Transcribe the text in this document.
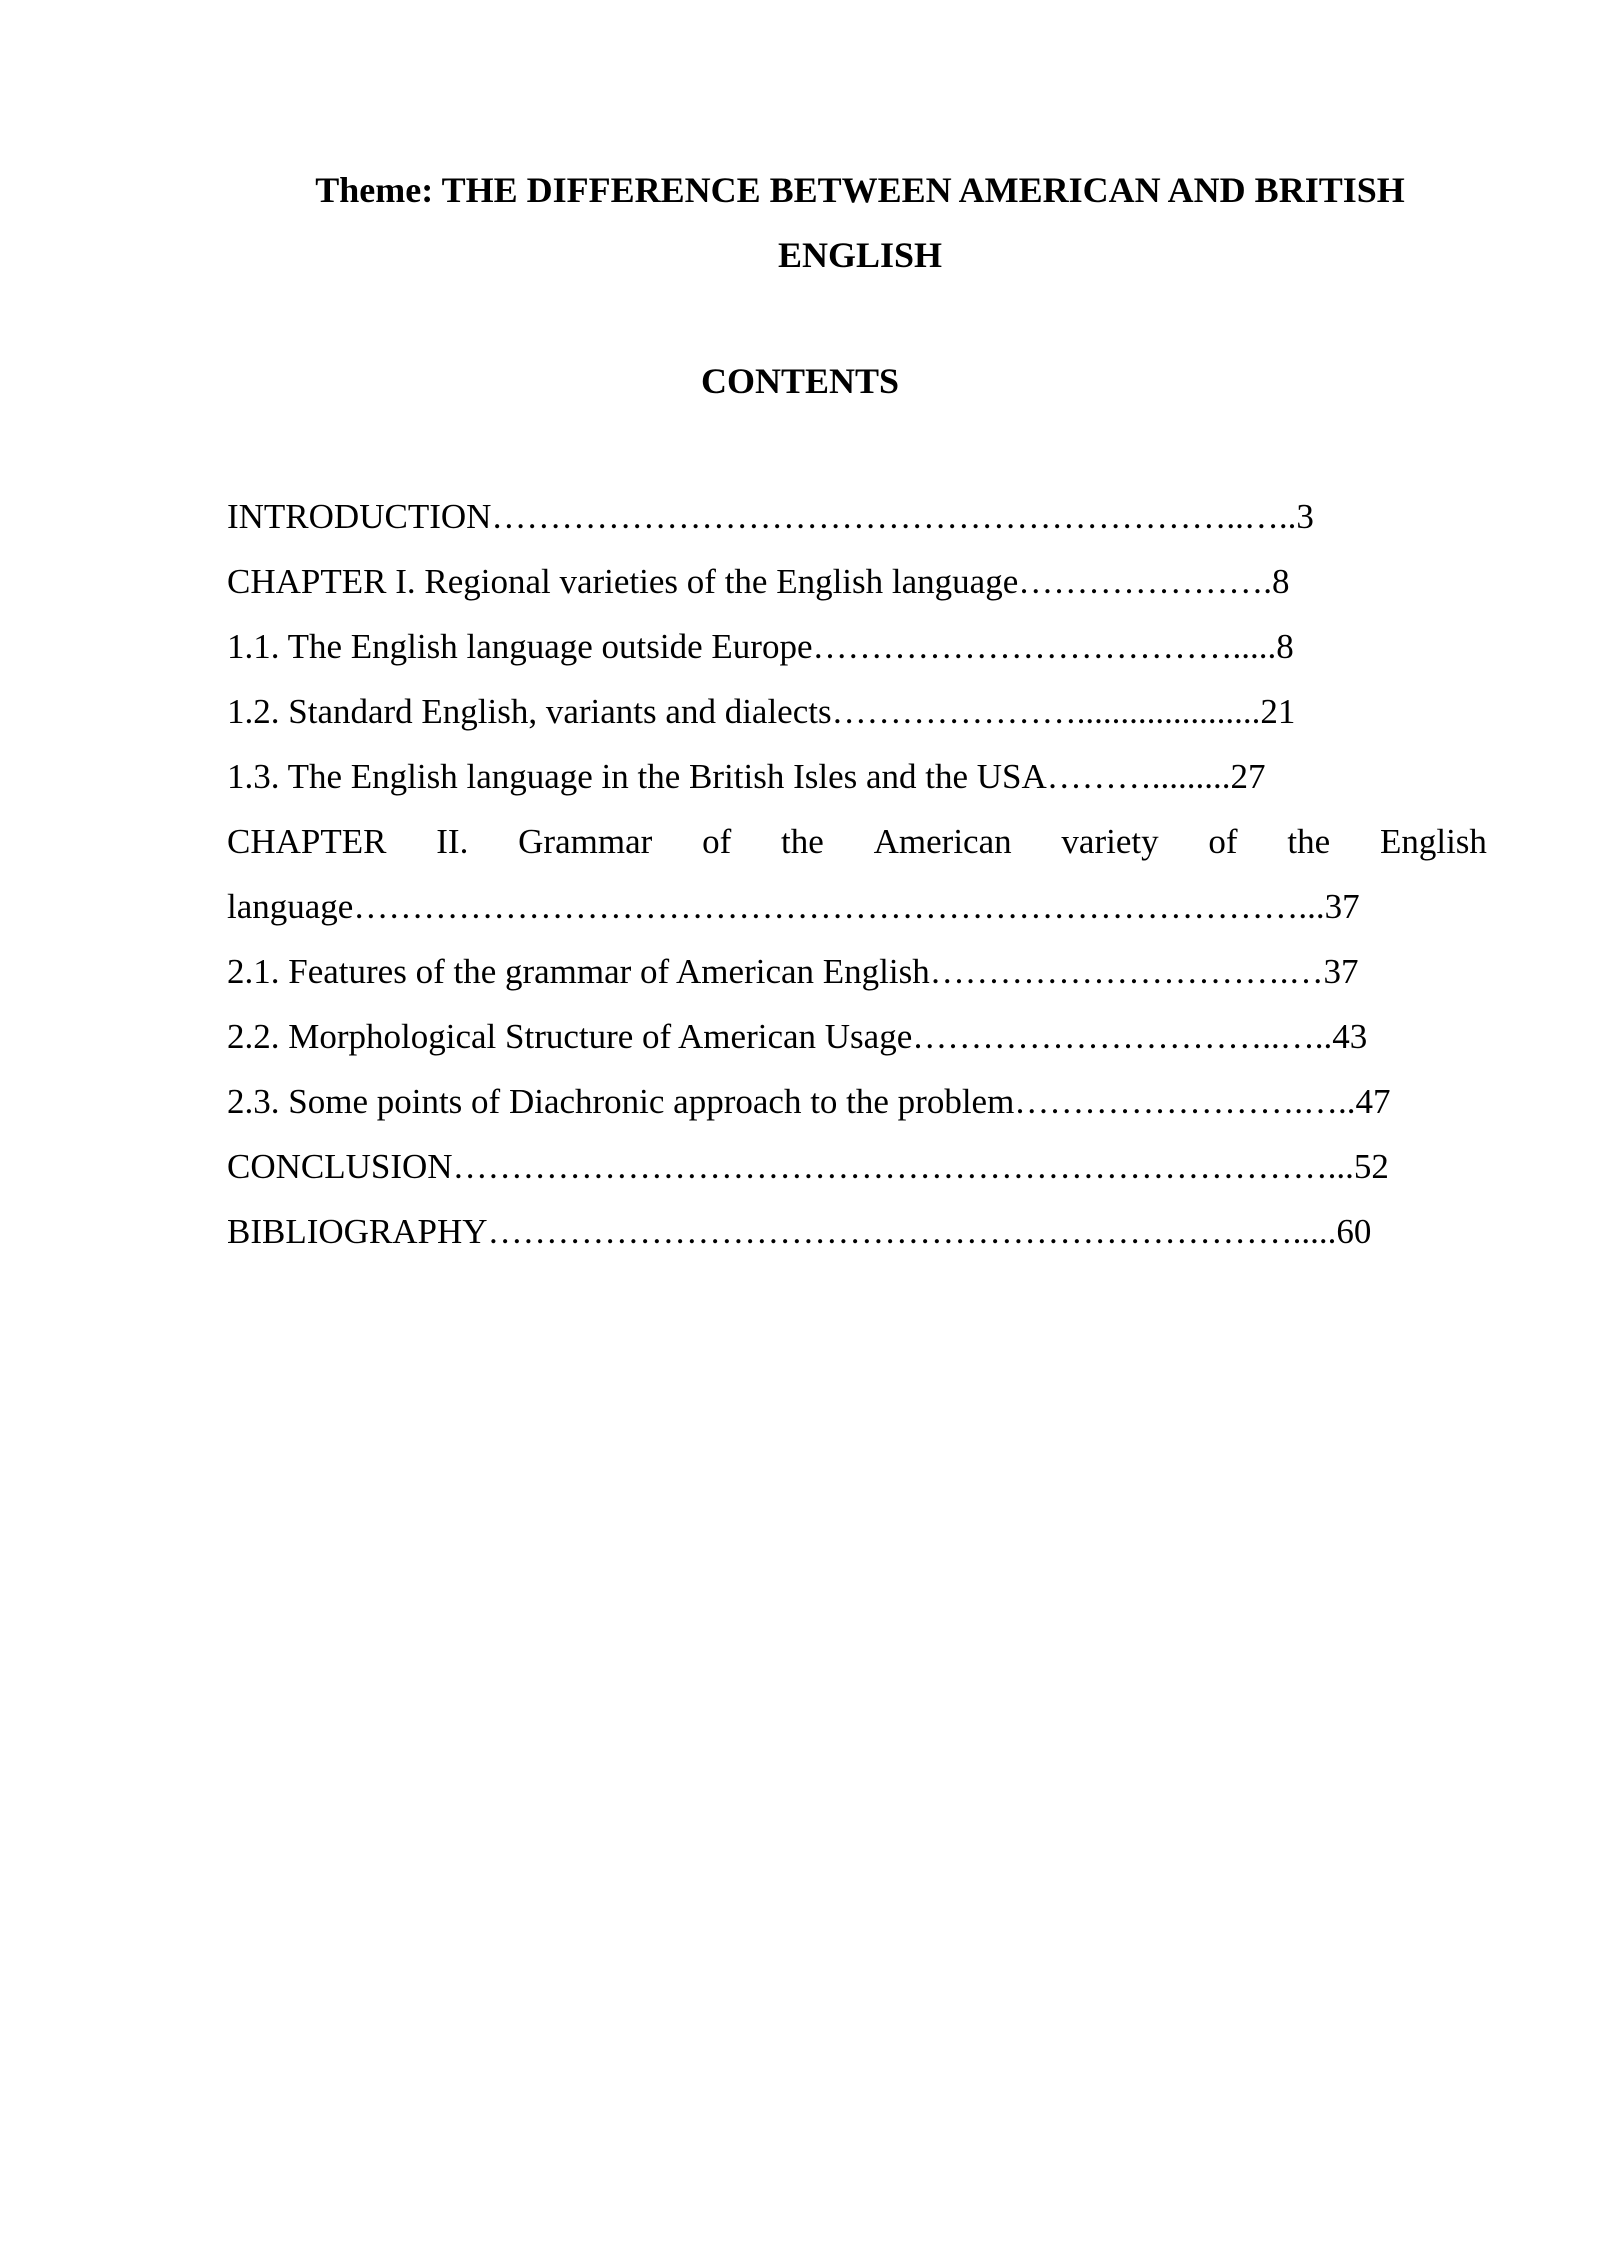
Theme: THE DIFFERENCE BETWEEN AMERICAN AND BRITISH
ENGLISH
CONTENTS
INTRODUCTION………………………………………………………..…..3
CHAPTER I. Regional varieties of the English language………………….8
1.1. The English language outside Europe……………………………….....8
1.2. Standard English, variants and dialects………………….....................21
1.3. The English language in the British Isles and the USA……….........27
CHAPTER II. Grammar of the American variety of the English
language………………………………………………………………………...37
2.1. Features of the grammar of American English………………………….…37
2.2. Morphological Structure of American Usage…………………………..…..43
2.3. Some points of Diachronic approach to the problem…………………….…..47
CONCLUSION…………………………………………………………………...52
BIBLIOGRAPHY…………………………………………………………….....60
